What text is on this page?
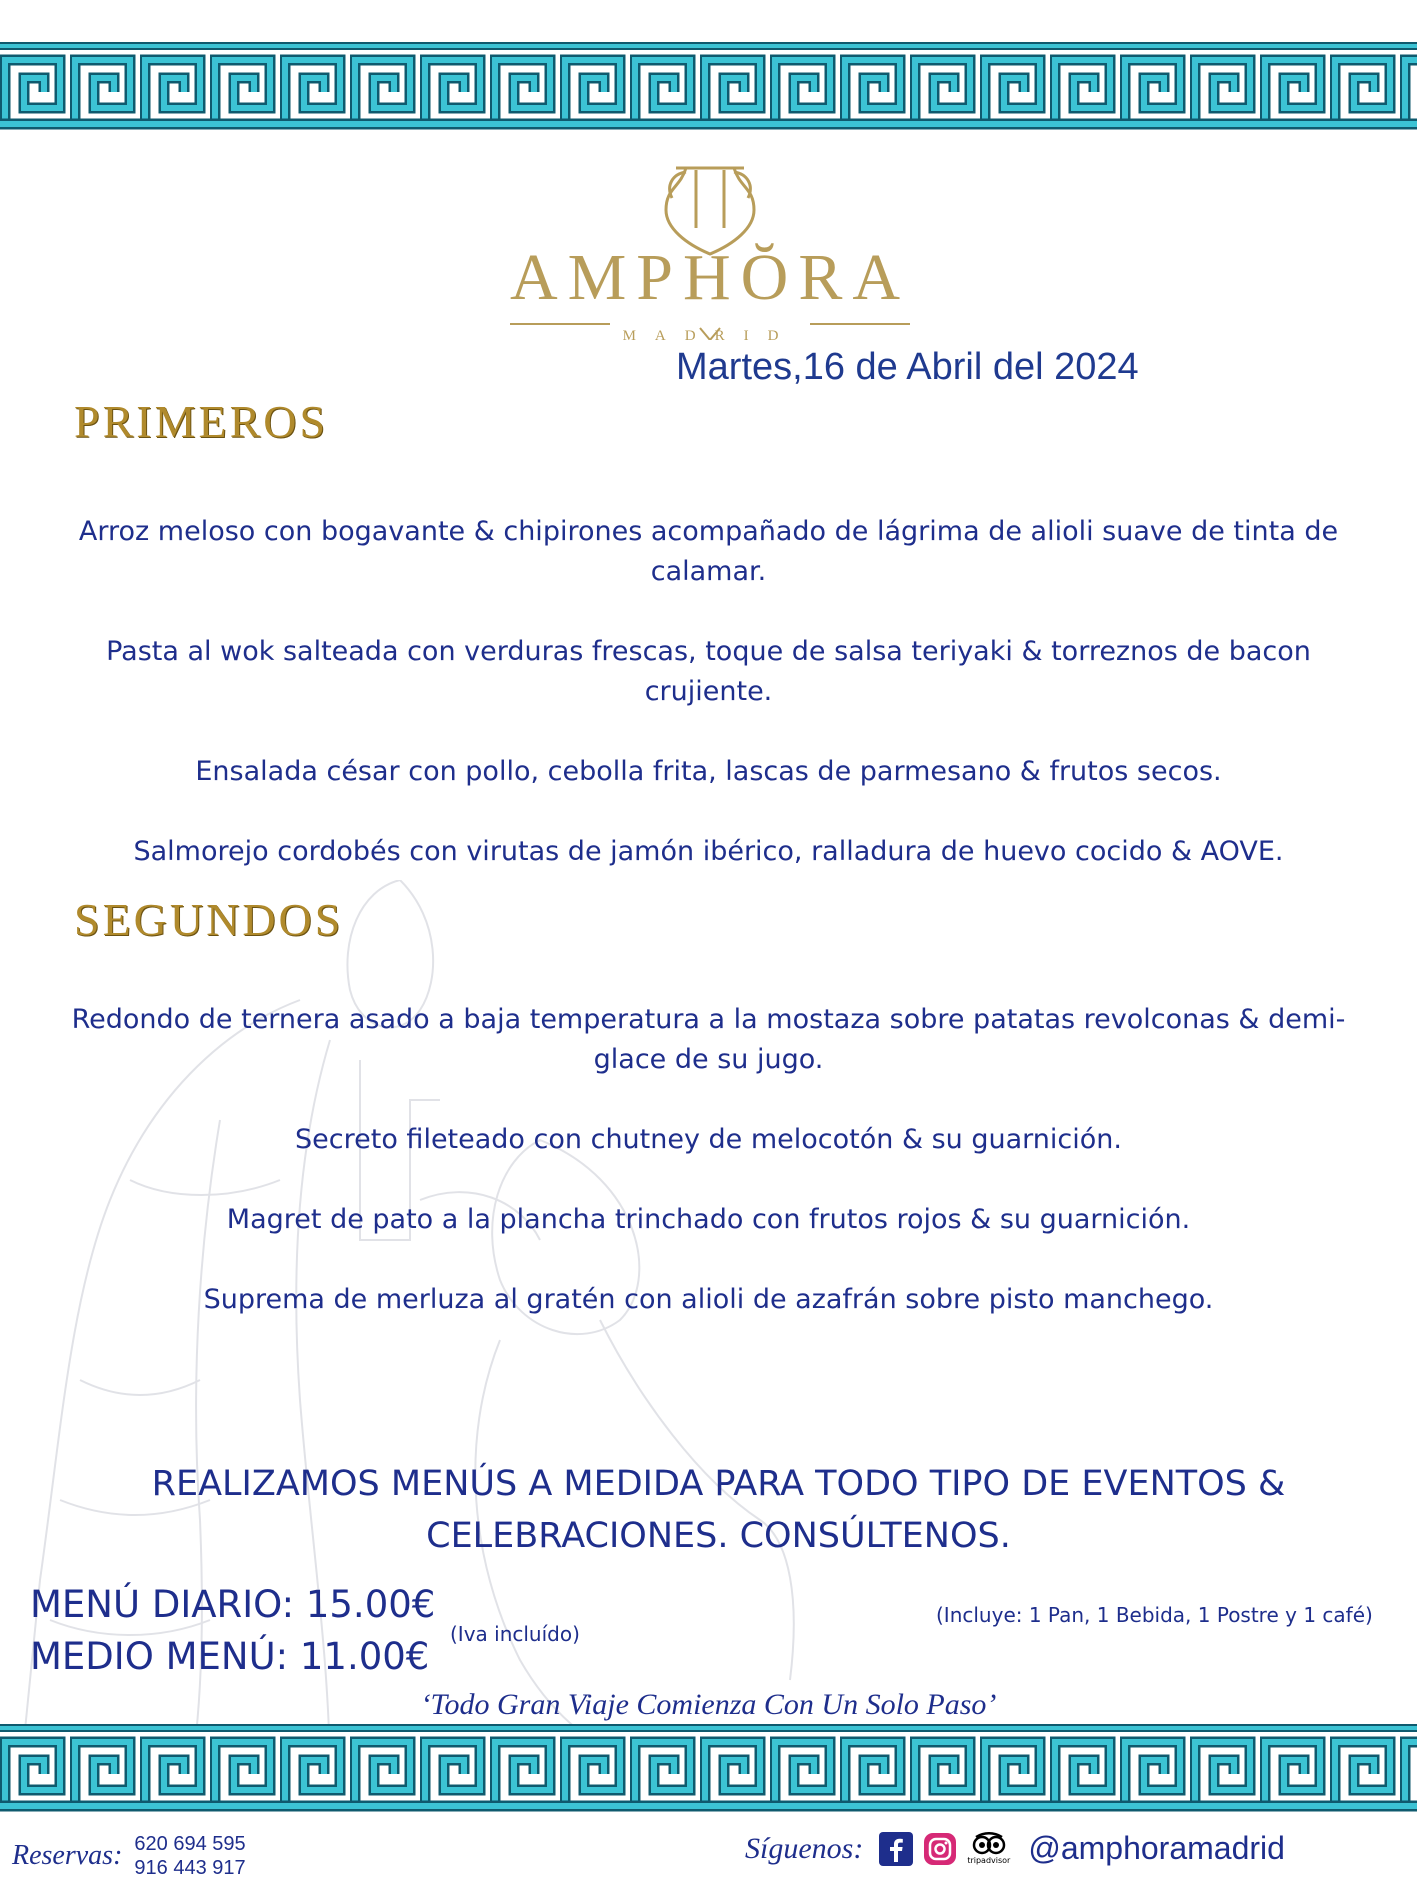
AMPHŎRA
MADRID
Martes,16 de Abril del 2024
PRIMEROS
Arroz meloso con bogavante & chipirones acompañado de lágrima de alioli suave de tinta de calamar.
Pasta al wok salteada con verduras frescas, toque de salsa teriyaki & torreznos de bacon crujiente.
Ensalada césar con pollo, cebolla frita, lascas de parmesano & frutos secos.
Salmorejo cordobés con virutas de jamón ibérico, ralladura de huevo cocido & AOVE.
SEGUNDOS
Redondo de ternera asado a baja temperatura a la mostaza sobre patatas revolconas & demi-glace de su jugo.
Secreto fileteado con chutney de melocotón & su guarnición.
Magret de pato a la plancha trinchado con frutos rojos & su guarnición.
Suprema de merluza al gratén con alioli de azafrán sobre pisto manchego.
REALIZAMOS MENÚS A MEDIDA PARA TODO TIPO DE EVENTOS & CELEBRACIONES. CONSÚLTENOS.
MENÚ DIARIO: 15.00€
MEDIO MENÚ: 11.00€
(Iva incluído)
(Incluye: 1 Pan, 1 Bebida, 1 Postre y 1 café)
‘Todo Gran Viaje Comienza Con Un Solo Paso’
Reservas: 620 694 595
916 443 917
Síguenos:	tripadvisor @amphoramadrid
